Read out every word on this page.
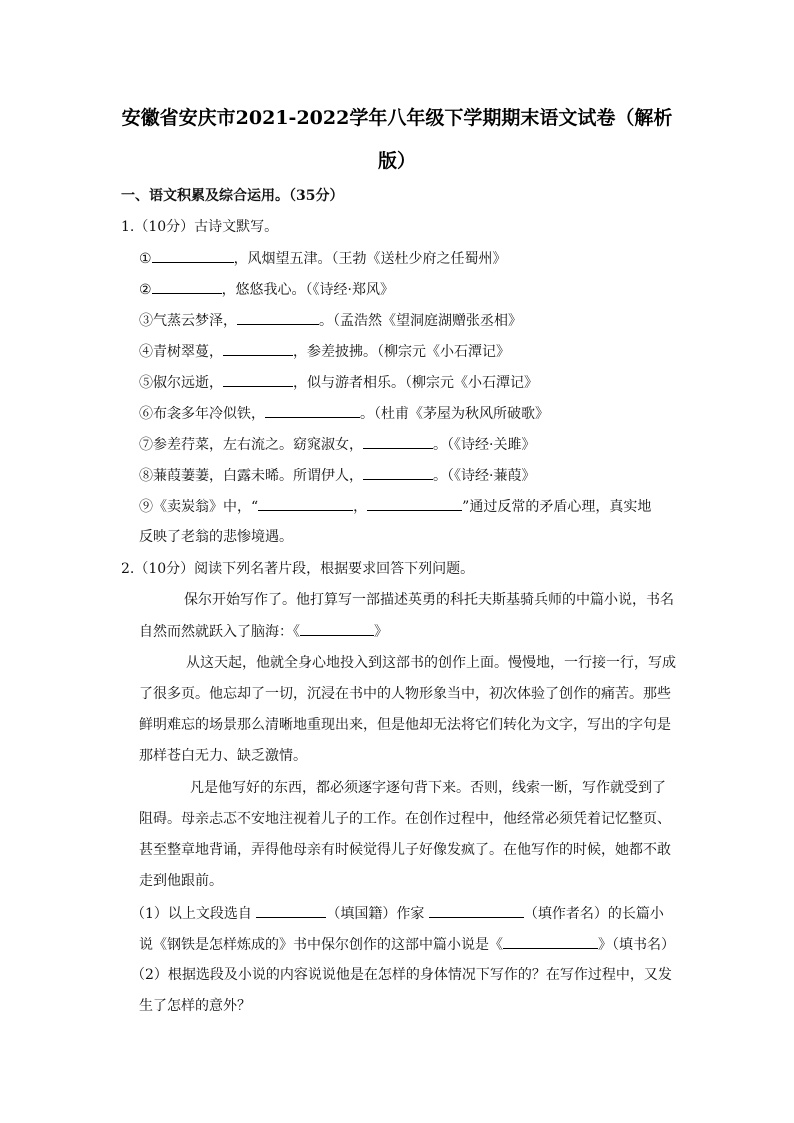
安徽省安庆市2021-2022学年八年级下学期期末语文试卷（解析
版）
一、语文积累及综合运用。（35分）
1.（10分）古诗文默写。
①	，风烟望五津。（王勃《送杜少府之任蜀州》
②	，悠悠我心。（《诗经·郑风》
③气蒸云梦泽，	。（孟浩然《望洞庭湖赠张丞相》
④青树翠蔓，	，参差披拂。（柳宗元《小石潭记》
⑤俶尔远逝，	，似与游者相乐。（柳宗元《小石潭记》
⑥布衾多年冷似铁，	。（杜甫《茅屋为秋风所破歌》
⑦参差荇菜，左右流之。窈窕淑女，	。（《诗经·关雎》
⑧蒹葭萋萋，白露未晞。所谓伊人，	。（《诗经·蒹葭》
⑨《卖炭翁》中，“	，	”通过反常的矛盾心理，真实地
反映了老翁的悲惨境遇。
2.（10分）阅读下列名著片段，根据要求回答下列问题。
保尔开始写作了。他打算写一部描述英勇的科托夫斯基骑兵师的中篇小说，书名
自然而然就跃入了脑海：《	》
从这天起，他就全身心地投入到这部书的创作上面。慢慢地，一行接一行，写成
了很多页。他忘却了一切，沉浸在书中的人物形象当中，初次体验了创作的痛苦。那些
鲜明难忘的场景那么清晰地重现出来，但是他却无法将它们转化为文字，写出的字句是
那样苍白无力、缺乏激情。
凡是他写好的东西，都必须逐字逐句背下来。否则，线索一断，写作就受到了
阻碍。母亲忐忑不安地注视着儿子的工作。在创作过程中，他经常必须凭着记忆整页、
甚至整章地背诵，弄得他母亲有时候觉得儿子好像发疯了。在他写作的时候，她都不敢
走到他跟前。
（1）以上文段选自	（填国籍）作家	（填作者名）的长篇小
说《钢铁是怎样炼成的》书中保尔创作的这部中篇小说是《	》（填书名）
（2）根据选段及小说的内容说说他是在怎样的身体情况下写作的？在写作过程中，又发
生了怎样的意外？
